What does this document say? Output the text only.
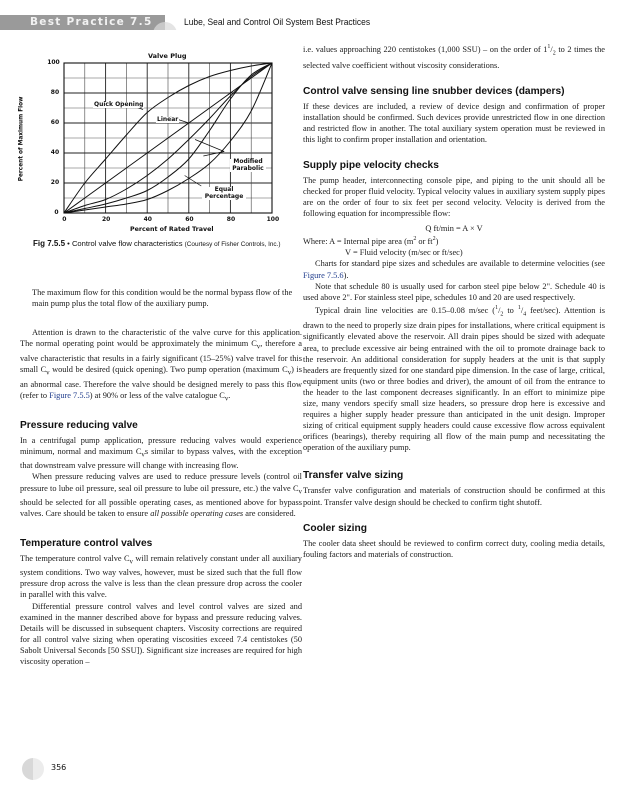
Best Practice 7.5	Lube, Seal and Control Oil System Best Practices
Valve Plug
Percent of Rated Travel
Percent of Maximum Flow
0	20	40	60	80	100
0
20
40
60
80
100
Quick Opening
Linear
Modified Parabolic
Equal Percentage
Fig 7.5.5 • Control valve flow characteristics (Courtesy of Fisher Controls, Inc.)

The maximum flow for this condition would be the normal bypass flow of the main pump plus the total flow of the auxiliary pump.

Attention is drawn to the characteristic of the valve curve for this application. The normal operating point would be approximately the minimum $C_v$, therefore a valve characteristic that results in a fairly significant (15–25%) valve travel for this small $C_v$ would be desired (quick opening). Two pump operation (maximum $C_v$) is an abnormal case. Therefore the valve should be designed merely to pass this flow (refer to Figure 7.5.5) at 90% or less of the valve catalogue $C_v$.

Pressure reducing valve

In a centrifugal pump application, pressure reducing valves would experience minimum, normal and maximum $C_vs$ similar to bypass valves, with the exception that downstream valve pressure will change with increasing flow.

When pressure reducing valves are used to reduce pressure levels (control oil pressure to lube oil pressure, seal oil pressure to lube oil pressure, etc.) the valve $C_v$ should be selected for all possible operating cases, as mentioned above for bypass valves. Care should be taken to ensure all possible operating cases are considered.

Temperature control valves

The temperature control valve $C_v$ will remain relatively constant under all auxiliary system conditions. Two way valves, however, must be sized such that the full flow pressure drop across the valve is less than the clean pressure drop across the cooler in parallel with this valve.

Differential pressure control valves and level control valves are sized and examined in the manner described above for bypass and pressure reducing valves. Details will be discussed in subsequent chapters. Viscosity corrections are required for all control valve sizing when operating viscosities exceed 7.4 centistokes (50 Sabolt Universal Seconds [50 SSU]). Significant size increases are required for high viscosity operation –

i.e. values approaching 220 centistokes (1,000 SSU) – on the order of $1^1/_2$ to 2 times the selected valve coefficient without viscosity considerations.

Control valve sensing line snubber devices (dampers)

If these devices are included, a review of device design and confirmation of proper installation should be confirmed. Such devices provide unrestricted flow in one direction and restricted flow in another. The total auxiliary system operation must be reviewed in this light to confirm proper installation and orientation.

Supply pipe velocity checks

The pump header, interconnecting console pipe, and piping to the unit should all be checked for proper fluid velocity. Typical velocity values in auxiliary system supply pipes are on the order of four to six feet per second velocity. Velocity is derived from the following equation for incompressible flow:

Q ft/min = A × V

Where: A = Internal pipe area ($m^2$ or $ft^2$)

V = Fluid velocity (m/sec or ft/sec)

Charts for standard pipe sizes and schedules are available to determine velocities (see Figure 7.5.6).

Note that schedule 80 is usually used for carbon steel pipe below 2". Schedule 40 is used above 2". For stainless steel pipe, schedules 10 and 20 are used respectively.

Typical drain line velocities are 0.15–0.08 m/sec ($^1/_2$ to $^1/_4$ feet/sec). Attention is drawn to the need to properly size drain pipes for installations, where critical equipment is significantly elevated above the reservoir. All drain pipes should be sized with adequate area, to preclude excessive air being entrained with the oil to promote drainage back to the reservoir. An additional consideration for supply headers at the unit is that supply headers are frequently sized for one standard pipe dimension. In the case of large, critical, equipment units (two or three bodies and driver), the amount of oil from the entrance to the header to the last component decreases significantly. In an effort to minimize pipe size, many vendors specify small size headers, so pressure drop here is excessive and requires a higher supply header pressure than anticipated in the unit design. Improper sizing of critical equipment supply headers could cause excessive flow across equivalent orifices (bearings), thereby requiring all flow of the main pump and necessitating the operation of the auxiliary pump.

Transfer valve sizing

Transfer valve configuration and materials of construction should be confirmed at this point. Transfer valve design should be checked to confirm tight shutoff.

Cooler sizing

The cooler data sheet should be reviewed to confirm correct duty, cooling media details, fouling factors and materials of construction.

356
